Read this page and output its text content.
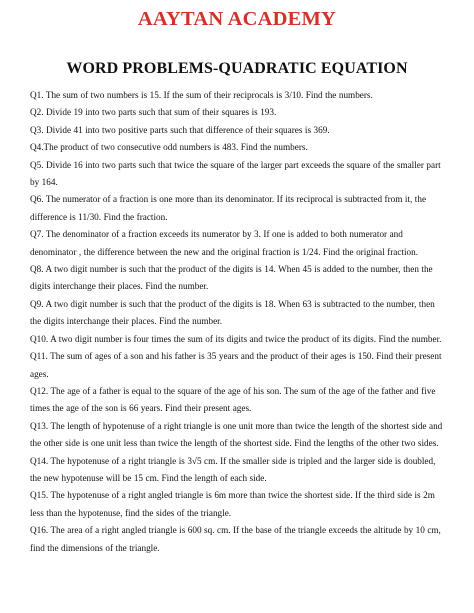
AAYTAN ACADEMY
WORD PROBLEMS-QUADRATIC EQUATION

Q1. The sum of two numbers is 15. If the sum of their reciprocals is 3/10. Find the numbers.

Q2. Divide 19 into two parts such that sum of their squares is 193.

Q3. Divide 41 into two positive parts such that difference of their squares is 369.

Q4.The product of two consecutive odd numbers is 483. Find the numbers.

Q5. Divide 16 into two parts such that twice the square of the larger part exceeds the square of the smaller part by 164.

Q6. The numerator of a fraction is one more than its denominator. If its reciprocal is subtracted from it, the difference is 11/30. Find the fraction.

Q7. The denominator of a fraction exceeds its numerator by 3. If one is added to both numerator and denominator , the difference between the new and the original fraction is 1/24. Find the original fraction.

Q8. A two digit number is such that the product of the digits is 14. When 45 is added to the number, then the digits interchange their places. Find the number.

Q9. A two digit number is such that the product of the digits is 18. When 63 is subtracted to the number, then the digits interchange their places. Find the number.

Q10. A two digit number is four times the sum of its digits and twice the product of its digits. Find the number.

Q11. The sum of ages of a son and his father is 35 years and the product of their ages is 150. Find their present ages.

Q12. The age of a father is equal to the square of the age of his son. The sum of the age of the father and five times the age of the son is 66 years. Find their present ages.

Q13. The length of hypotenuse of a right triangle is one unit more than twice the length of the shortest side and the other side is one unit less than twice the length of the shortest side. Find the lengths of the other two sides.

Q14. The hypotenuse of a right triangle is 3√5 cm. If the smaller side is tripled and the larger side is doubled, the new hypotenuse will be 15 cm. Find the length of each side.

Q15. The hypotenuse of a right angled triangle is 6m more than twice the shortest side. If the third side is 2m less than the hypotenuse, find the sides of the triangle.

Q16. The area of a right angled triangle is 600 sq. cm. If the base of the triangle exceeds the altitude by 10 cm, find the dimensions of the triangle.
